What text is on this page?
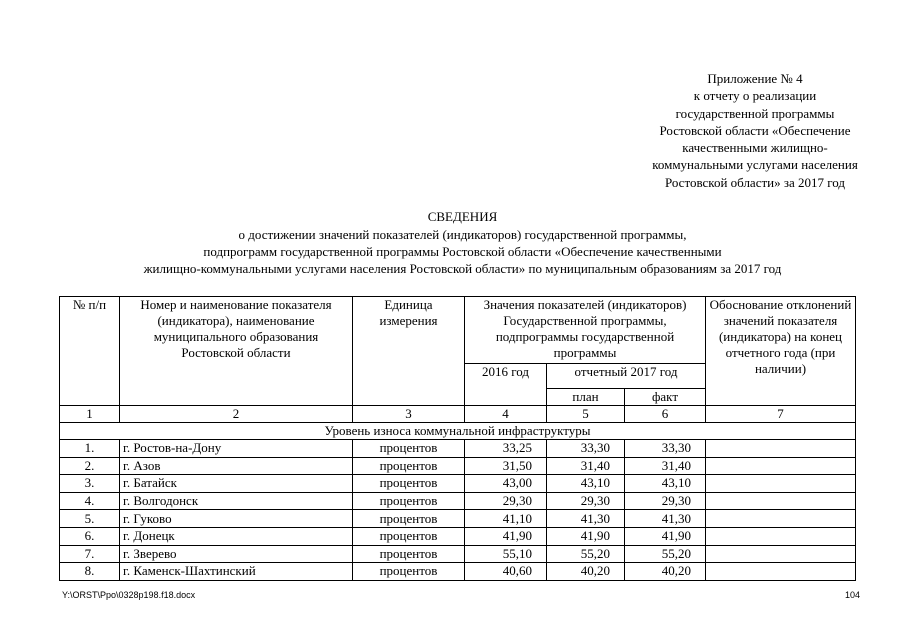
Приложение № 4
к отчету о реализации
государственной программы
Ростовской области «Обеспечение
качественными жилищно-
коммунальными услугами населения
Ростовской области» за 2017 год
СВЕДЕНИЯ
о достижении значений показателей (индикаторов) государственной программы,
подпрограмм государственной программы Ростовской области «Обеспечение качественными
жилищно-коммунальными услугами населения Ростовской области» по муниципальным образованиям за 2017 год
№ п/п	Номер и наименование показателя (индикатора), наименование муниципального образования Ростовской области	Единица измерения	Значения показателей (индикаторов) Государственной программы, подпрограммы государственной программы			Обоснование отклонений значений показателя (индикатора) на конец отчетного года (при наличии)
			2016 год	отчетный 2017 год		
				план	факт	
1	2	3	4	5	6	7
Уровень износа коммунальной инфраструктуры						
1.	г. Ростов-на-Дону	процентов	33,25	33,30	33,30	
2.	г. Азов	процентов	31,50	31,40	31,40	
3.	г. Батайск	процентов	43,00	43,10	43,10	
4.	г. Волгодонск	процентов	29,30	29,30	29,30	
5.	г. Гуково	процентов	41,10	41,30	41,30	
6.	г. Донецк	процентов	41,90	41,90	41,90	
7.	г. Зверево	процентов	55,10	55,20	55,20	
8.	г. Каменск-Шахтинский	процентов	40,60	40,20	40,20	
Y:\ORST\Ppo\0328p198.f18.docx	104
